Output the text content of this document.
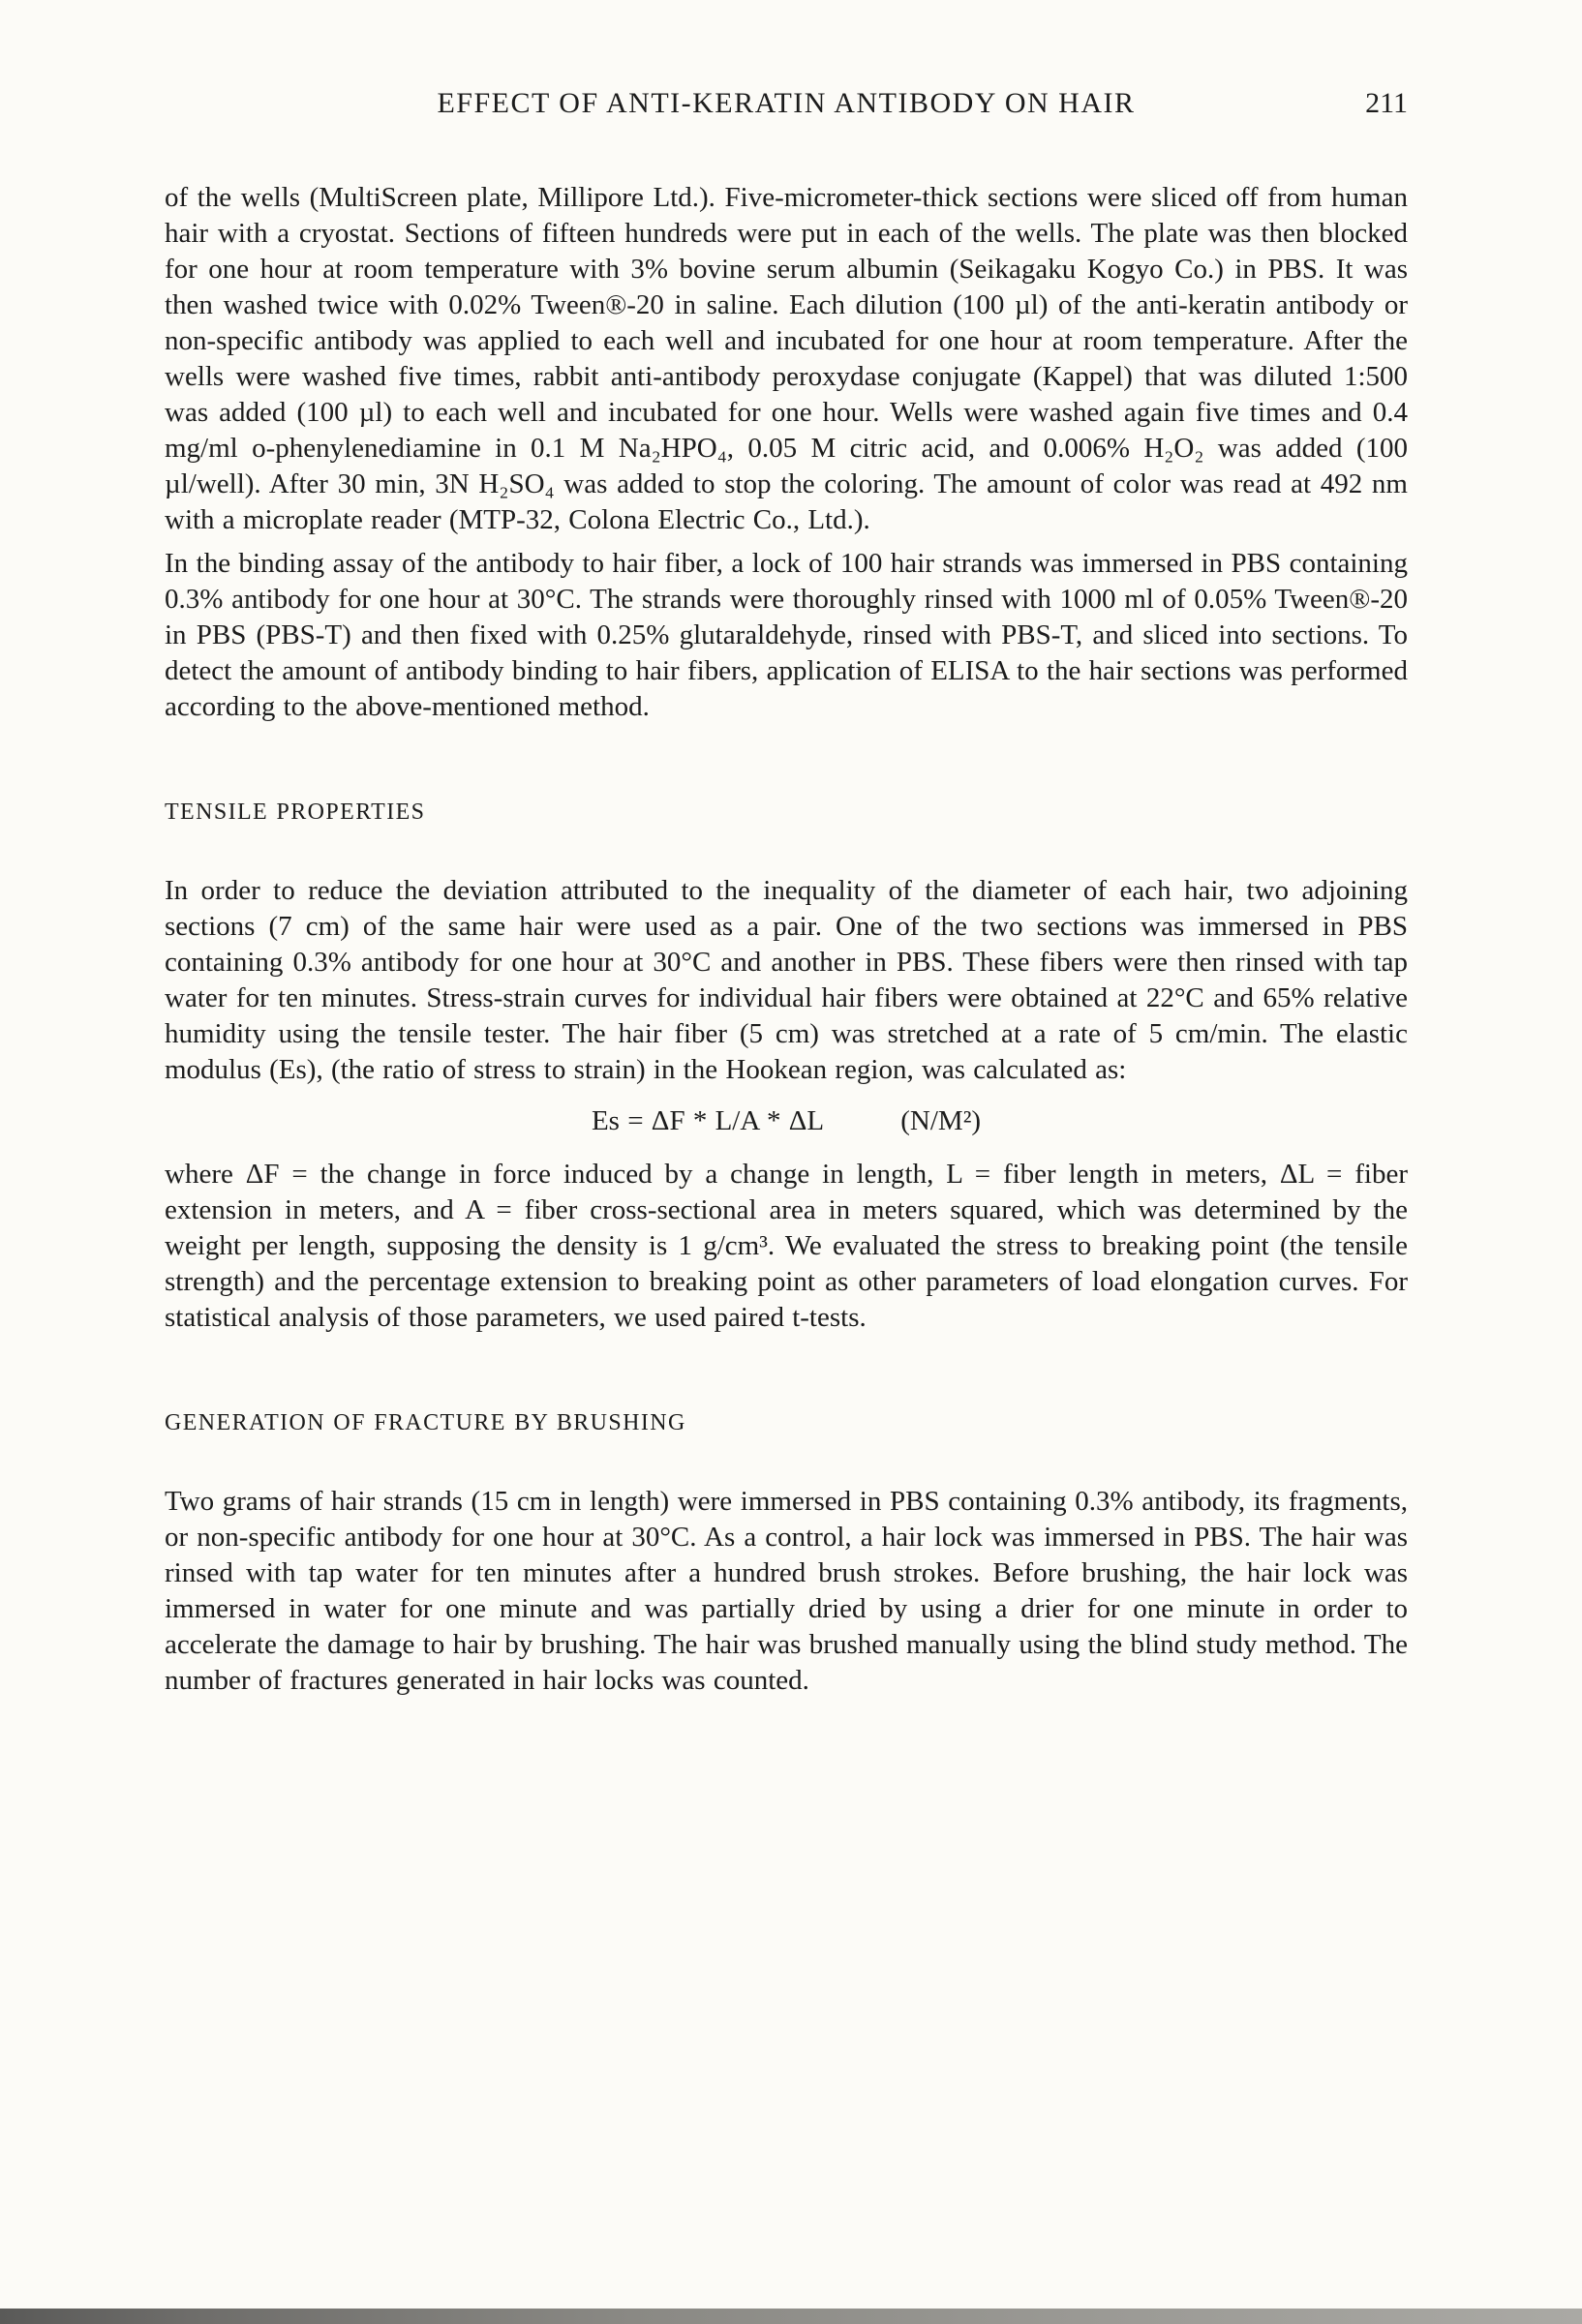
EFFECT OF ANTI-KERATIN ANTIBODY ON HAIR	211

of the wells (MultiScreen plate, Millipore Ltd.). Five-micrometer-thick sections were sliced off from human hair with a cryostat. Sections of fifteen hundreds were put in each of the wells. The plate was then blocked for one hour at room temperature with 3% bovine serum albumin (Seikagaku Kogyo Co.) in PBS. It was then washed twice with 0.02% Tween®-20 in saline. Each dilution (100 µl) of the anti-keratin antibody or non-specific antibody was applied to each well and incubated for one hour at room temperature. After the wells were washed five times, rabbit anti-antibody peroxydase conjugate (Kappel) that was diluted 1:500 was added (100 µl) to each well and incubated for one hour. Wells were washed again five times and 0.4 mg/ml o-phenylenediamine in 0.1 M Na₂HPO₄, 0.05 M citric acid, and 0.006% H₂O₂ was added (100 µl/well). After 30 min, 3N H₂SO₄ was added to stop the coloring. The amount of color was read at 492 nm with a microplate reader (MTP-32, Colona Electric Co., Ltd.).

In the binding assay of the antibody to hair fiber, a lock of 100 hair strands was immersed in PBS containing 0.3% antibody for one hour at 30°C. The strands were thoroughly rinsed with 1000 ml of 0.05% Tween®-20 in PBS (PBS-T) and then fixed with 0.25% glutaraldehyde, rinsed with PBS-T, and sliced into sections. To detect the amount of antibody binding to hair fibers, application of ELISA to the hair sections was performed according to the above-mentioned method.

TENSILE PROPERTIES

In order to reduce the deviation attributed to the inequality of the diameter of each hair, two adjoining sections (7 cm) of the same hair were used as a pair. One of the two sections was immersed in PBS containing 0.3% antibody for one hour at 30°C and another in PBS. These fibers were then rinsed with tap water for ten minutes. Stress-strain curves for individual hair fibers were obtained at 22°C and 65% relative humidity using the tensile tester. The hair fiber (5 cm) was stretched at a rate of 5 cm/min. The elastic modulus (Es), (the ratio of stress to strain) in the Hookean region, was calculated as:

Es = ΔF * L/A * ΔL	(N/M²)

where ΔF = the change in force induced by a change in length, L = fiber length in meters, ΔL = fiber extension in meters, and A = fiber cross-sectional area in meters squared, which was determined by the weight per length, supposing the density is 1 g/cm³. We evaluated the stress to breaking point (the tensile strength) and the percentage extension to breaking point as other parameters of load elongation curves. For statistical analysis of those parameters, we used paired t-tests.

GENERATION OF FRACTURE BY BRUSHING

Two grams of hair strands (15 cm in length) were immersed in PBS containing 0.3% antibody, its fragments, or non-specific antibody for one hour at 30°C. As a control, a hair lock was immersed in PBS. The hair was rinsed with tap water for ten minutes after a hundred brush strokes. Before brushing, the hair lock was immersed in water for one minute and was partially dried by using a drier for one minute in order to accelerate the damage to hair by brushing. The hair was brushed manually using the blind study method. The number of fractures generated in hair locks was counted.
